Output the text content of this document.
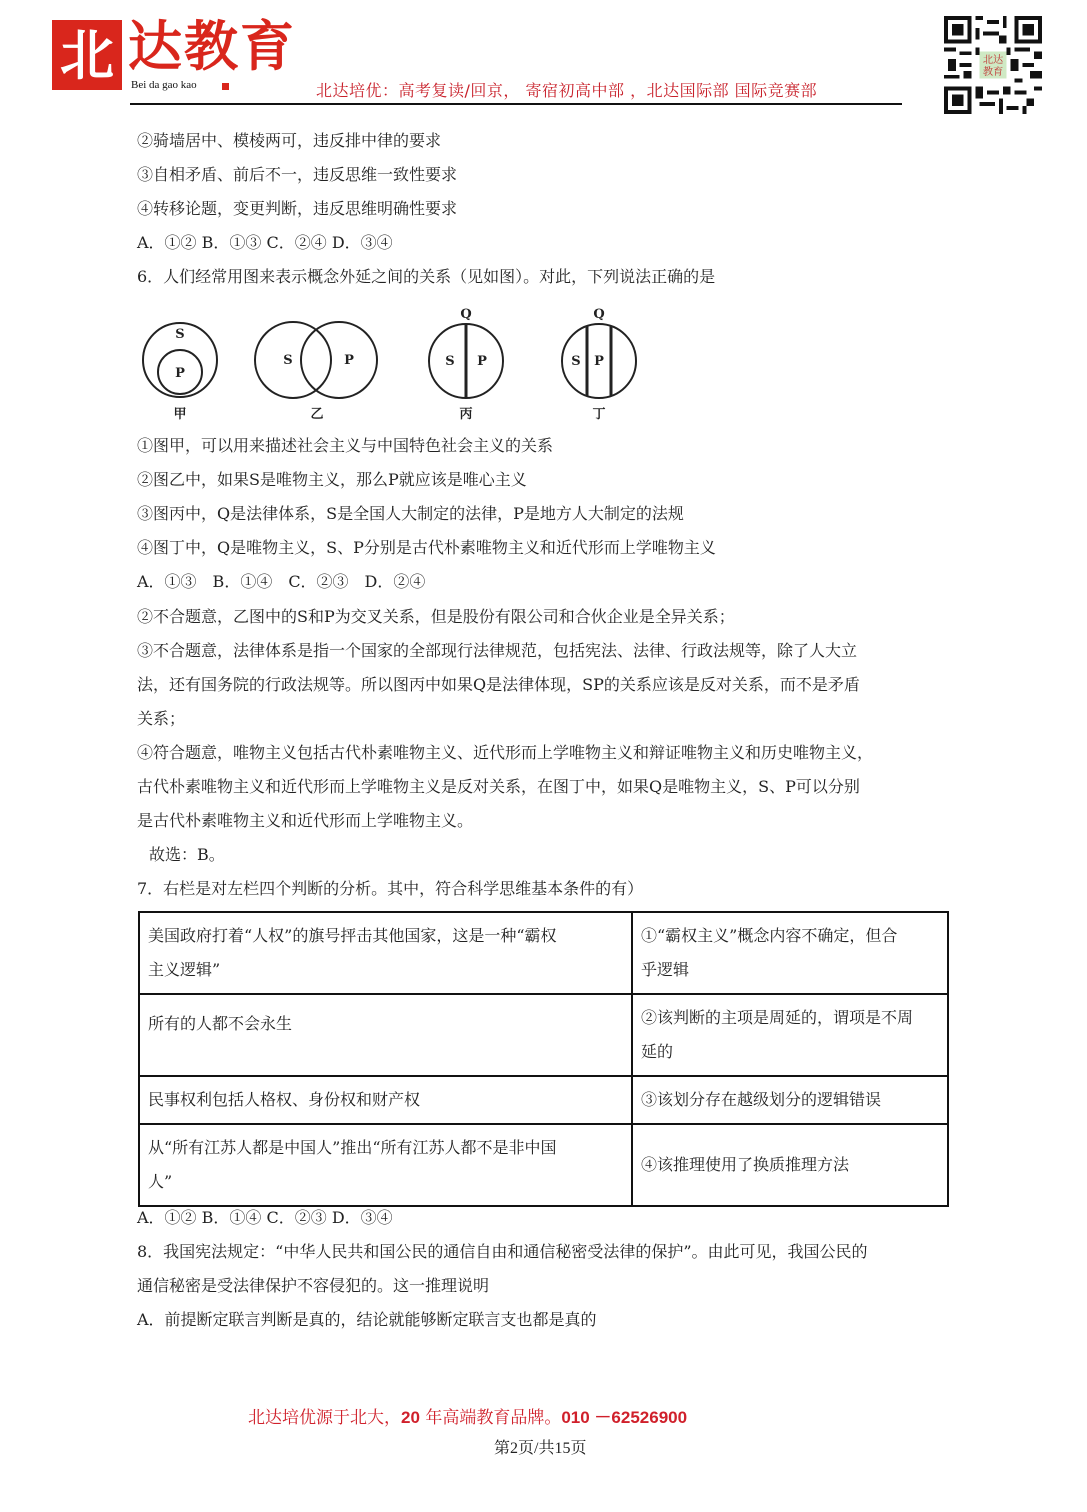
北 达教育
Bei da gao kao	北达培优：高考复读/回京， 寄宿初高中部 ，北达国际部 国际竞赛部
北达
教育
②骑墙居中、模棱两可，违反排中律的要求
③自相矛盾、前后不一，违反思维一致性要求
④转移论题，变更判断，违反思维明确性要求
A．①② B．①③ C．②④ D．③④
6．人们经常用图来表示概念外延之间的关系（见如图）。对此，下列说法正确的是
S
P
甲
S	P
乙
Q
S P
丙
Q
S P
丁
①图甲，可以用来描述社会主义与中国特色社会主义的关系
②图乙中，如果S是唯物主义，那么P就应该是唯心主义
③图丙中，Q是法律体系，S是全国人大制定的法律，P是地方人大制定的法规
④图丁中，Q是唯物主义，S、P分别是古代朴素唯物主义和近代形而上学唯物主义
A．①③　B．①④　C．②③　D．②④
②不合题意，乙图中的S和P为交叉关系，但是股份有限公司和合伙企业是全异关系；
③不合题意，法律体系是指一个国家的全部现行法律规范，包括宪法、法律、行政法规等，除了人大立
法，还有国务院的行政法规等。所以图丙中如果Q是法律体现，SP的关系应该是反对关系，而不是矛盾
关系；
④符合题意，唯物主义包括古代朴素唯物主义、近代形而上学唯物主义和辩证唯物主义和历史唯物主义，
古代朴素唯物主义和近代形而上学唯物主义是反对关系，在图丁中，如果Q是唯物主义，S、P可以分别
是古代朴素唯物主义和近代形而上学唯物主义。
故选：B。
7．右栏是对左栏四个判断的分析。其中，符合科学思维基本条件的有）
美国政府打着“人权”的旗号抨击其他国家，这是一种“霸权
主义逻辑”	①“霸权主义”概念内容不确定，但合
乎逻辑
所有的人都不会永生	②该判断的主项是周延的，谓项是不周
延的
民事权利包括人格权、身份权和财产权	③该划分存在越级划分的逻辑错误
从“所有江苏人都是中国人”推出“所有江苏人都不是非中国
人”	④该推理使用了换质推理方法
A．①② B．①④ C．②③ D．③④
8．我国宪法规定：“中华人民共和国公民的通信自由和通信秘密受法律的保护”。由此可见，我国公民的
通信秘密是受法律保护不容侵犯的。这一推理说明
A．前提断定联言判断是真的，结论就能够断定联言支也都是真的
北达培优源于北大，20 年高端教育品牌。010 －62526900
第2页/共15页
